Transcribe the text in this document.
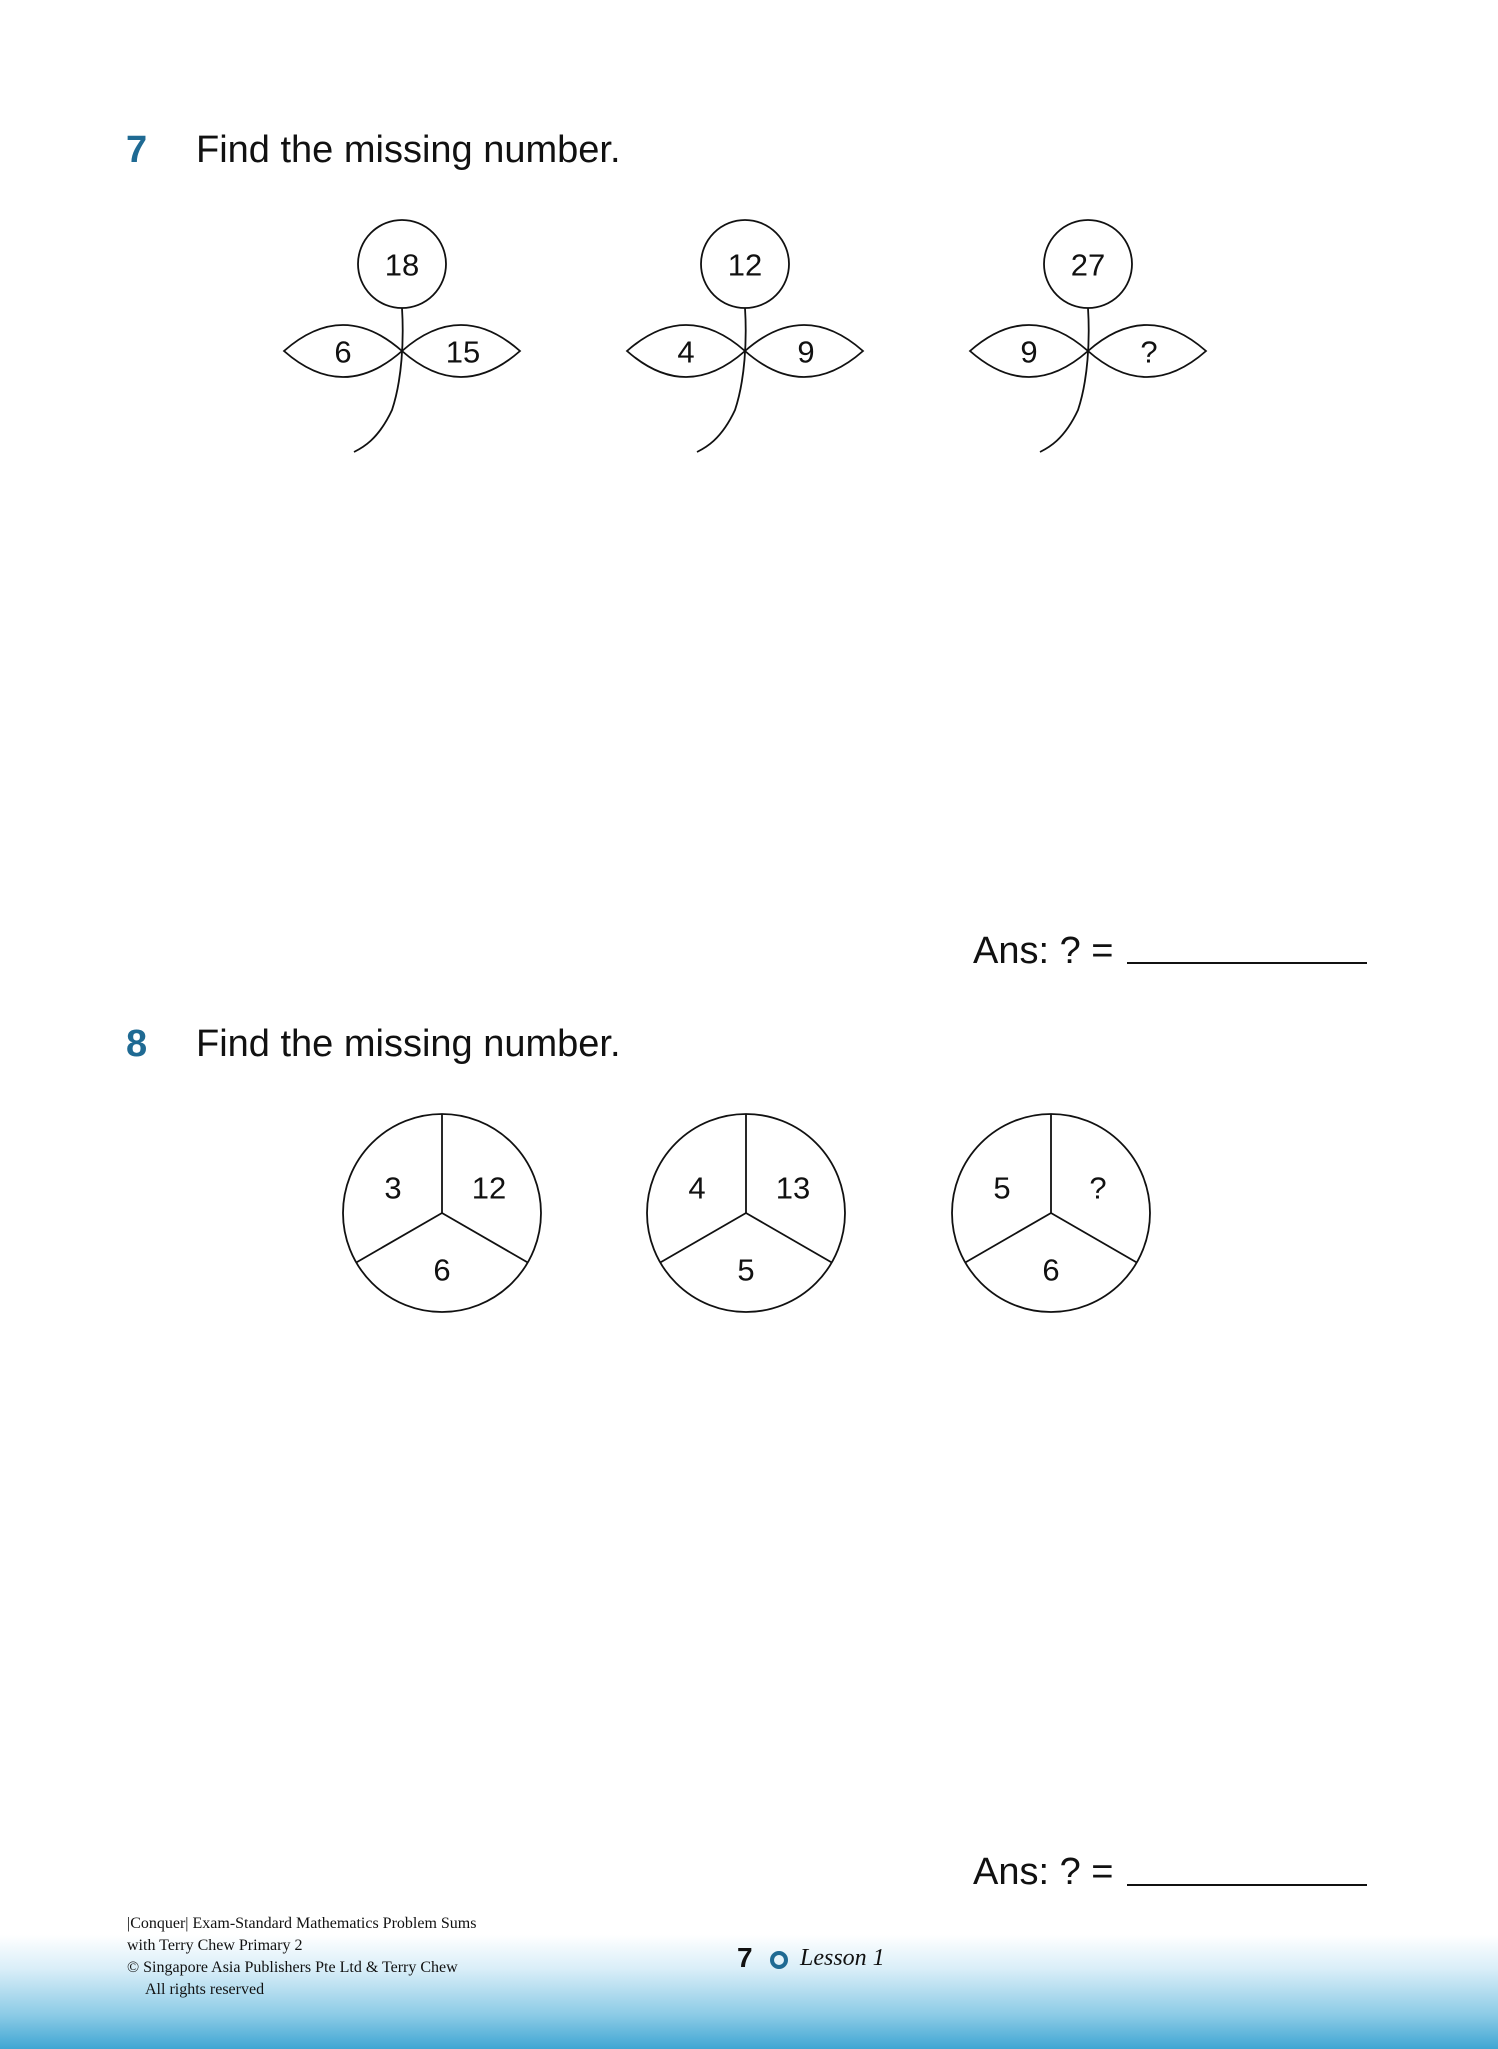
7 Find the missing number.
18
6	15
12
4	9
27
9	?
3 12
6
4 13
5
5	?
6
Ans: ? =
8 Find the missing number.
Ans: ? =
|Conquer| Exam-Standard Mathematics Problem Sums
with Terry Chew Primary 2
© Singapore Asia Publishers Pte Ltd & Terry Chew
All rights reserved
7 Lesson 1
